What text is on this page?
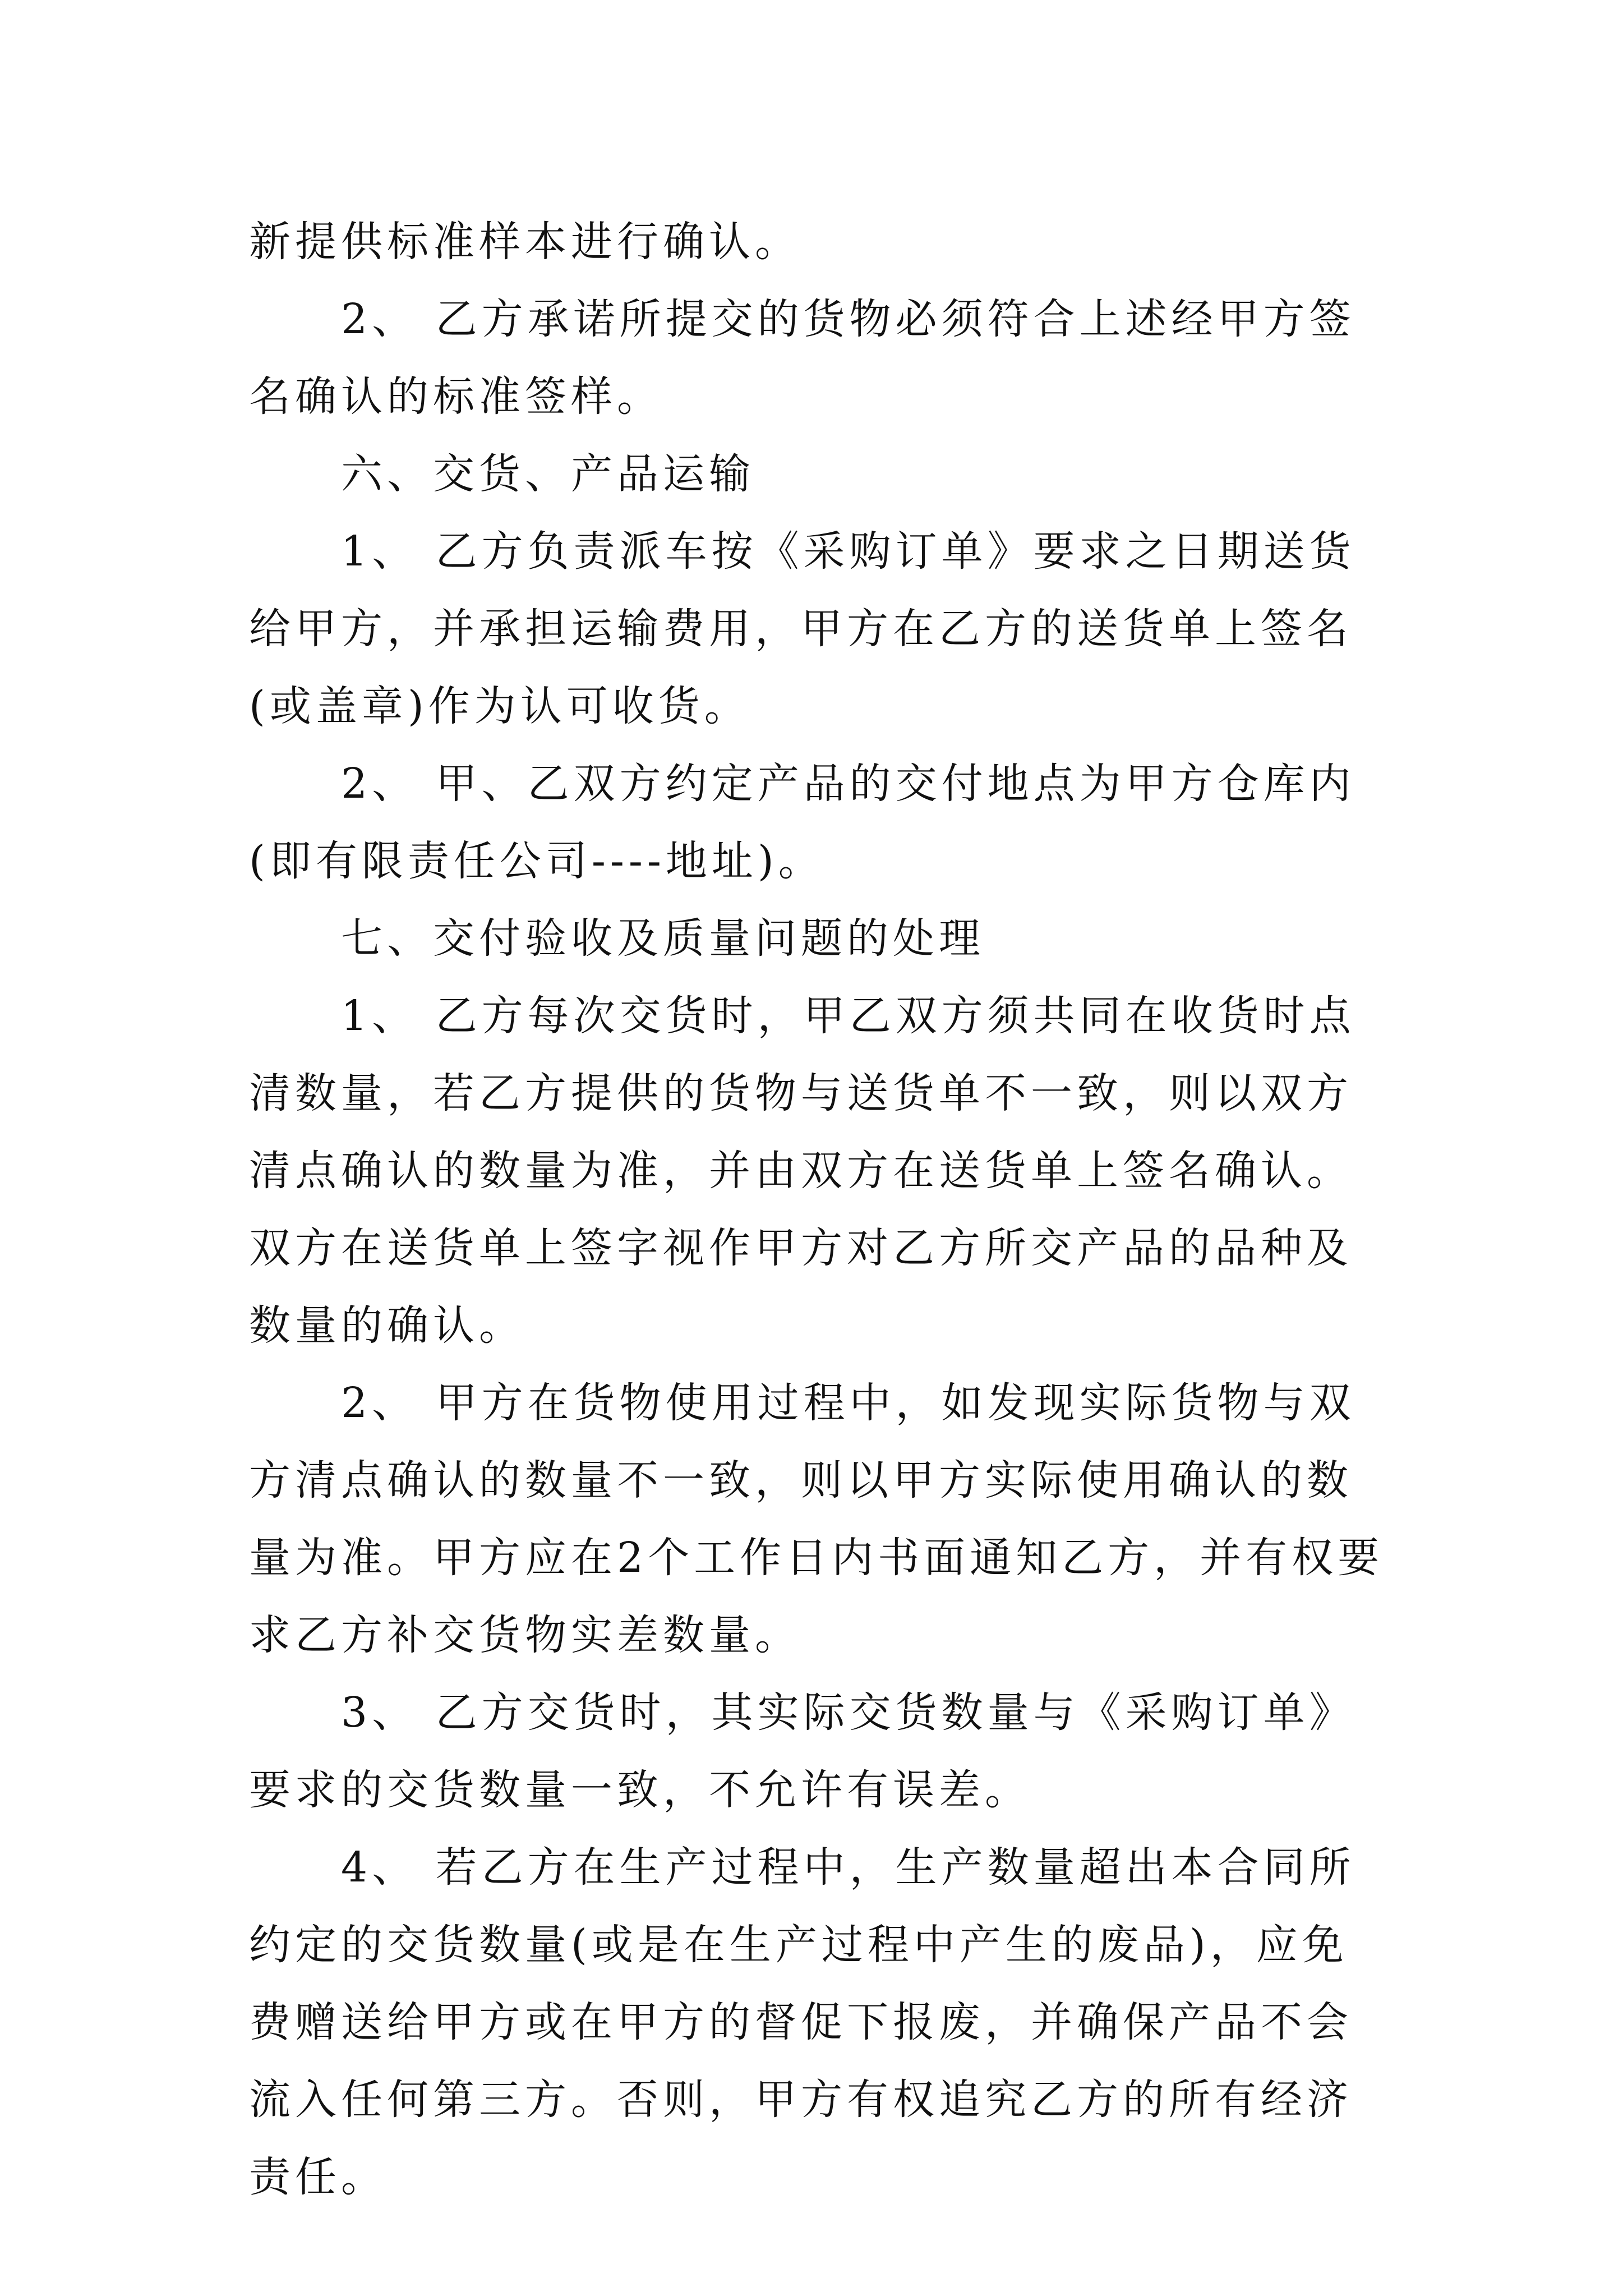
新提供标准样本进行确认。

2、 乙方承诺所提交的货物必须符合上述经甲方签名确认的标准签样。

六、交货、产品运输

1、 乙方负责派车按《采购订单》要求之日期送货给甲方，并承担运输费用，甲方在乙方的送货单上签名(或盖章)作为认可收货。

2、 甲、乙双方约定产品的交付地点为甲方仓库内(即有限责任公司----地址)。

七、交付验收及质量问题的处理

1、 乙方每次交货时，甲乙双方须共同在收货时点清数量，若乙方提供的货物与送货单不一致，则以双方清点确认的数量为准，并由双方在送货单上签名确认。双方在送货单上签字视作甲方对乙方所交产品的品种及数量的确认。

2、 甲方在货物使用过程中，如发现实际货物与双方清点确认的数量不一致，则以甲方实际使用确认的数量为准。甲方应在2个工作日内书面通知乙方，并有权要求乙方补交货物实差数量。

3、 乙方交货时，其实际交货数量与《采购订单》要求的交货数量一致，不允许有误差。

4、 若乙方在生产过程中，生产数量超出本合同所约定的交货数量(或是在生产过程中产生的废品)，应免费赠送给甲方或在甲方的督促下报废，并确保产品不会流入任何第三方。否则，甲方有权追究乙方的所有经济责任。
